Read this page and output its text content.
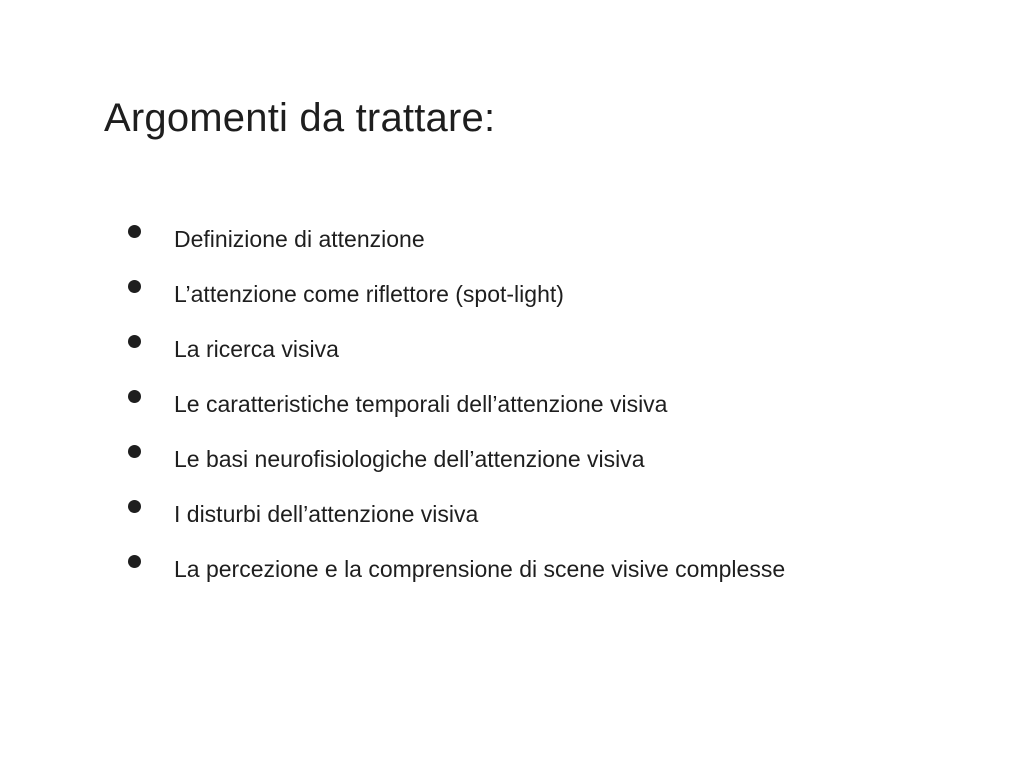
Argomenti da trattare:
Definizione di attenzione
L’attenzione come riflettore (spot-light)
La ricerca visiva
Le caratteristiche temporali dell’attenzione visiva
Le basi neurofisiologiche dell’attenzione visiva
I disturbi dell’attenzione visiva
La percezione e la comprensione di scene visive complesse
